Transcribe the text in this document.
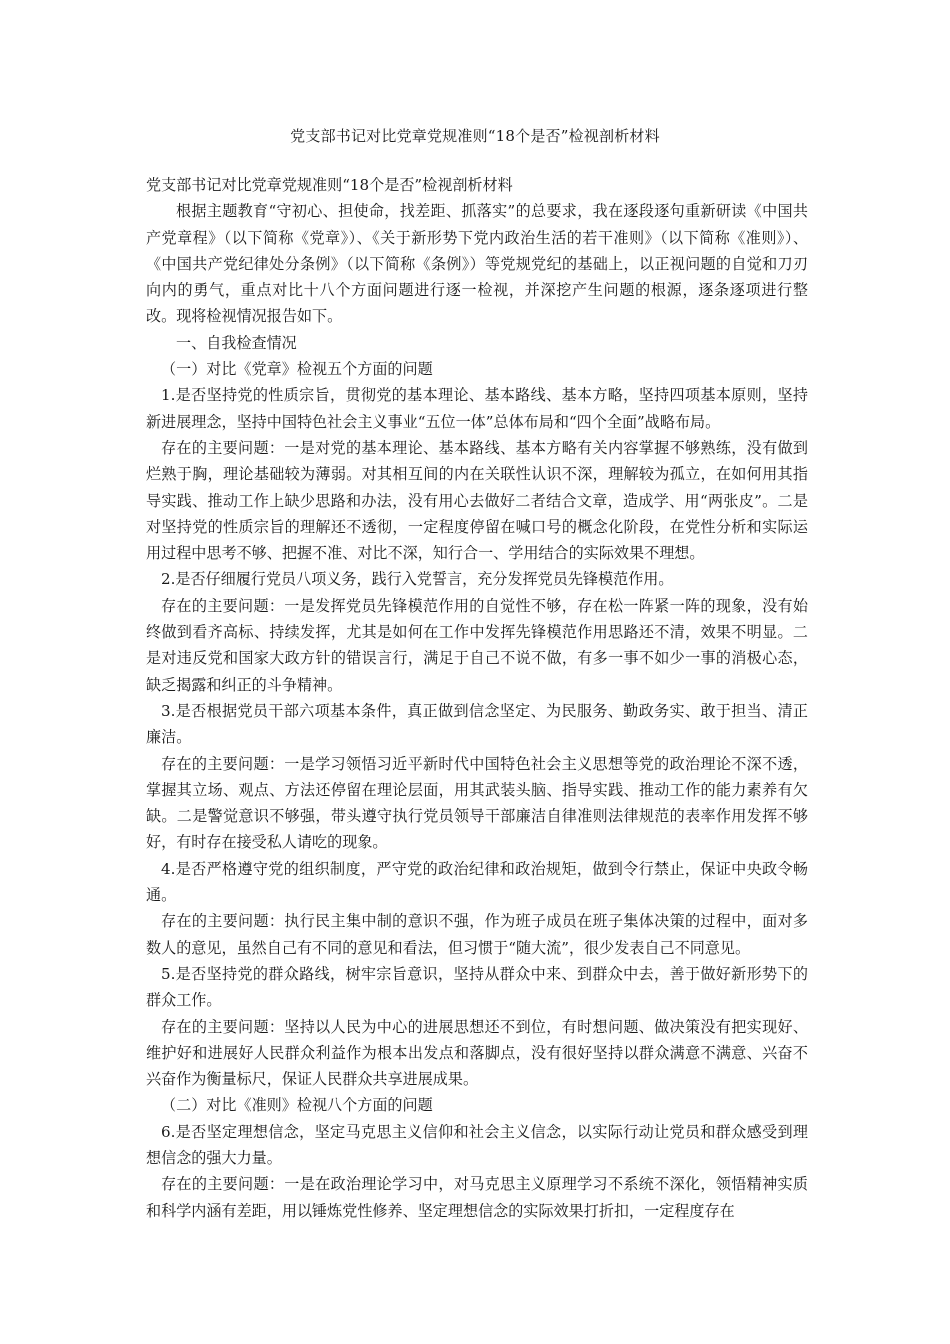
党支部书记对比党章党规准则“18个是否”检视剖析材料

党支部书记对比党章党规准则“18个是否”检视剖析材料

根据主题教育“守初心、担使命，找差距、抓落实”的总要求，我在逐段逐句重新研读《中国共产党章程》（以下简称《党章》）、《关于新形势下党内政治生活的若干准则》（以下简称《准则》）、《中国共产党纪律处分条例》（以下简称《条例》）等党规党纪的基础上，以正视问题的自觉和刀刃向内的勇气，重点对比十八个方面问题进行逐一检视，并深挖产生问题的根源，逐条逐项进行整改。现将检视情况报告如下。

一、自我检查情况

（一）对比《党章》检视五个方面的问题

1.是否坚持党的性质宗旨，贯彻党的基本理论、基本路线、基本方略，坚持四项基本原则，坚持新进展理念，坚持中国特色社会主义事业“五位一体”总体布局和“四个全面”战略布局。

存在的主要问题：一是对党的基本理论、基本路线、基本方略有关内容掌握不够熟练，没有做到烂熟于胸，理论基础较为薄弱。对其相互间的内在关联性认识不深，理解较为孤立，在如何用其指导实践、推动工作上缺少思路和办法，没有用心去做好二者结合文章，造成学、用“两张皮”。二是对坚持党的性质宗旨的理解还不透彻，一定程度停留在喊口号的概念化阶段，在党性分析和实际运用过程中思考不够、把握不准、对比不深，知行合一、学用结合的实际效果不理想。

2.是否仔细履行党员八项义务，践行入党誓言，充分发挥党员先锋模范作用。

存在的主要问题：一是发挥党员先锋模范作用的自觉性不够，存在松一阵紧一阵的现象，没有始终做到看齐高标、持续发挥，尤其是如何在工作中发挥先锋模范作用思路还不清，效果不明显。二是对违反党和国家大政方针的错误言行，满足于自己不说不做，有多一事不如少一事的消极心态，缺乏揭露和纠正的斗争精神。

3.是否根据党员干部六项基本条件，真正做到信念坚定、为民服务、勤政务实、敢于担当、清正廉洁。

存在的主要问题：一是学习领悟习近平新时代中国特色社会主义思想等党的政治理论不深不透，掌握其立场、观点、方法还停留在理论层面，用其武装头脑、指导实践、推动工作的能力素养有欠缺。二是警觉意识不够强，带头遵守执行党员领导干部廉洁自律准则法律规范的表率作用发挥不够好，有时存在接受私人请吃的现象。

4.是否严格遵守党的组织制度，严守党的政治纪律和政治规矩，做到令行禁止，保证中央政令畅通。

存在的主要问题：执行民主集中制的意识不强，作为班子成员在班子集体决策的过程中，面对多数人的意见，虽然自己有不同的意见和看法，但习惯于“随大流”，很少发表自己不同意见。

5.是否坚持党的群众路线，树牢宗旨意识，坚持从群众中来、到群众中去，善于做好新形势下的群众工作。

存在的主要问题：坚持以人民为中心的进展思想还不到位，有时想问题、做决策没有把实现好、维护好和进展好人民群众利益作为根本出发点和落脚点，没有很好坚持以群众满意不满意、兴奋不兴奋作为衡量标尺，保证人民群众共享进展成果。

（二）对比《准则》检视八个方面的问题

6.是否坚定理想信念，坚定马克思主义信仰和社会主义信念，以实际行动让党员和群众感受到理想信念的强大力量。

存在的主要问题：一是在政治理论学习中，对马克思主义原理学习不系统不深化，领悟精神实质和科学内涵有差距，用以锤炼党性修养、坚定理想信念的实际效果打折扣，一定程度存在
